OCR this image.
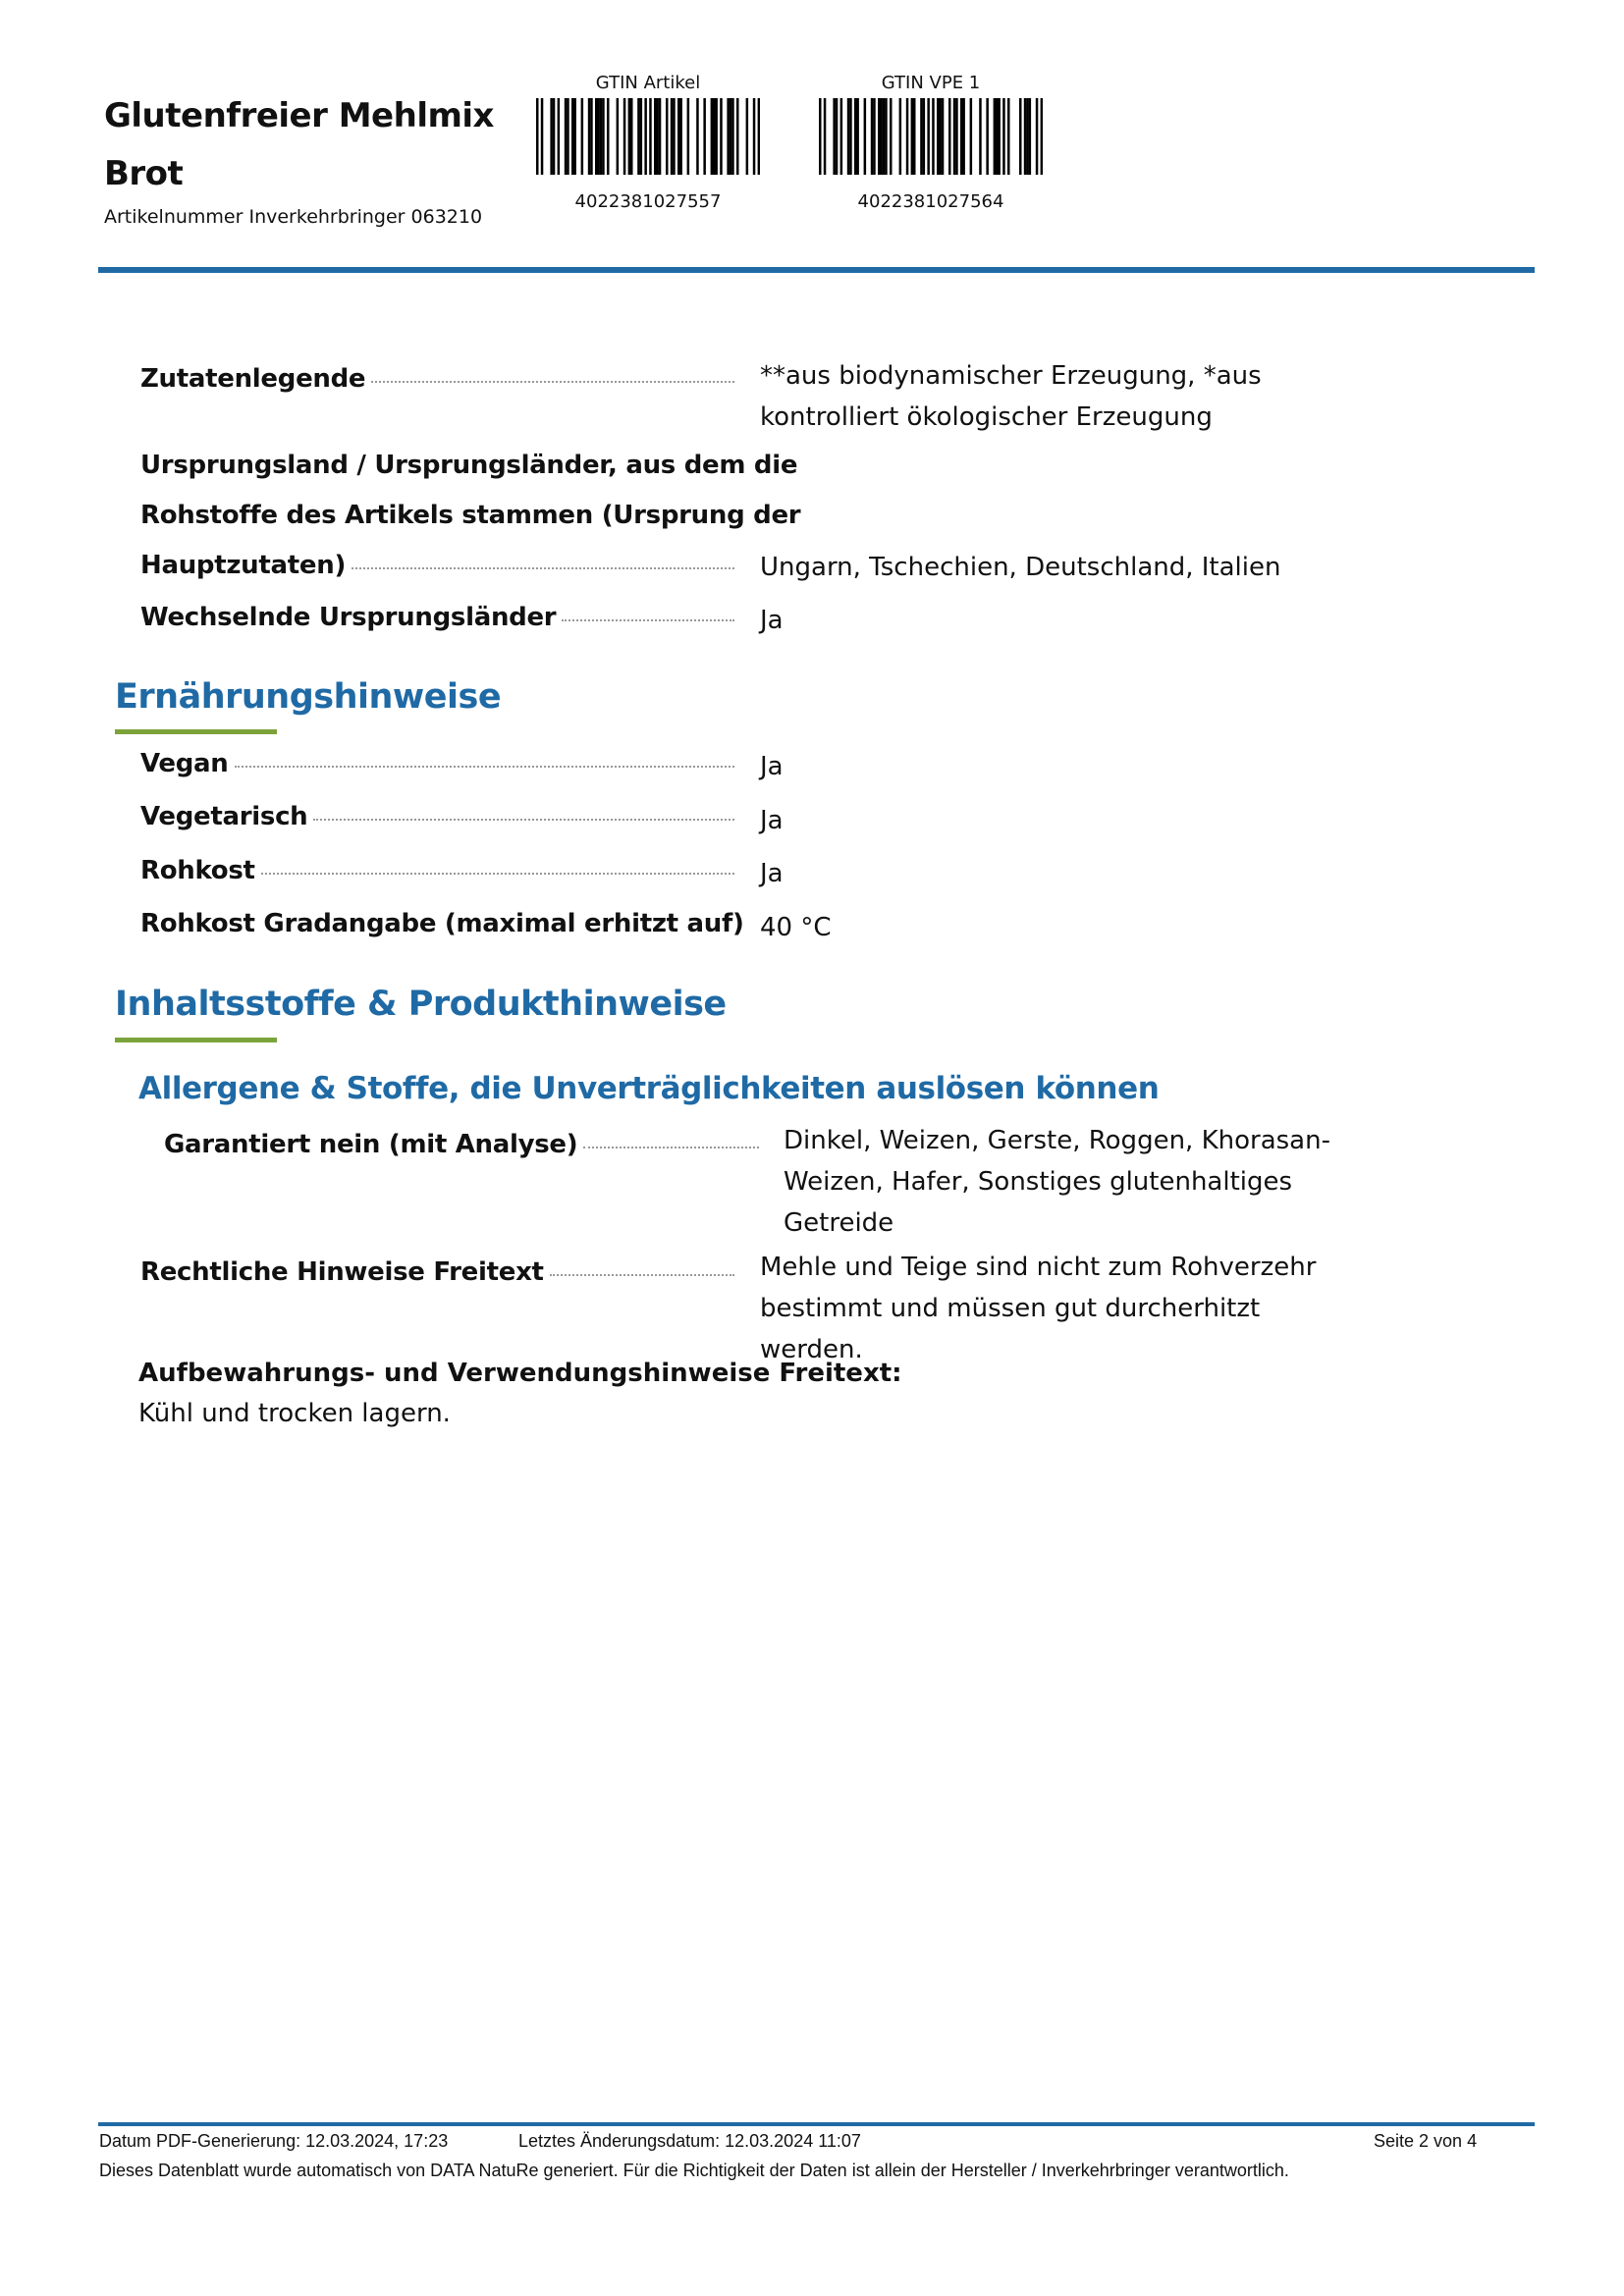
Glutenfreier Mehlmix
Brot
Artikelnummer Inverkehrbringer 063210
GTIN Artikel
4022381027557
GTIN VPE 1
4022381027564
Zutatenlegende	**aus biodynamischer Erzeugung, *aus
kontrolliert ökologischer Erzeugung
Ursprungsland / Ursprungsländer, aus dem die
Rohstoffe des Artikels stammen (Ursprung der
Hauptzutaten)	Ungarn, Tschechien, Deutschland, Italien
Wechselnde Ursprungsländer	Ja
Ernährungshinweise
Vegan	Ja
Vegetarisch	Ja
Rohkost	Ja
Rohkost Gradangabe (maximal erhitzt auf) 40 °C
Inhaltsstoffe & Produkthinweise
Allergene & Stoffe, die Unverträglichkeiten auslösen können
Garantiert nein (mit Analyse)	Dinkel, Weizen, Gerste, Roggen, Khorasan-
Weizen, Hafer, Sonstiges glutenhaltiges
Getreide
Rechtliche Hinweise Freitext	Mehle und Teige sind nicht zum Rohverzehr
bestimmt und müssen gut durcherhitzt werden.
Aufbewahrungs- und Verwendungshinweise Freitext:
Kühl und trocken lagern.
Datum PDF-Generierung: 12.03.2024, 17:23	Letztes Änderungsdatum: 12.03.2024 11:07	Seite 2 von 4
Dieses Datenblatt wurde automatisch von DATA NatuRe generiert. Für die Richtigkeit der Daten ist allein der Hersteller / Inverkehrbringer verantwortlich.
